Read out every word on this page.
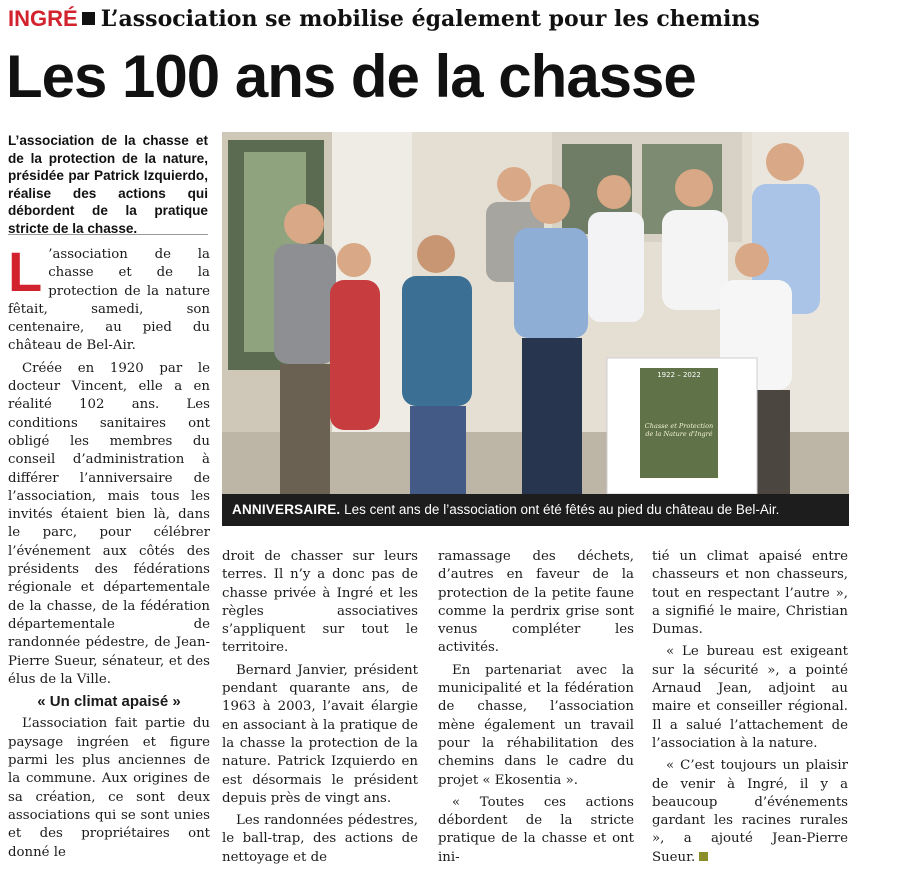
INGRÉ L’association se mobilise également pour les chemins
Les 100 ans de la chasse
L’association de la chasse et de la protection de la nature, présidée par Patrick Izquierdo, réalise des actions qui débordent de la pratique stricte de la chasse.

L ’association de la chasse et de la protection de la nature fêtait, samedi, son centenaire, au pied du château de Bel-Air.

Créée en 1920 par le docteur Vincent, elle a en réalité 102 ans. Les conditions sanitaires ont obligé les membres du conseil d’administration à différer l’anniversaire de l’association, mais tous les invités étaient bien là, dans le parc, pour célébrer l’événement aux côtés des présidents des fédérations régionale et départementale de la chasse, de la fédération départementale de randonnée pédestre, de Jean-Pierre Sueur, sénateur, et des élus de la Ville.

« Un climat apaisé »

L’association fait partie du paysage ingréen et figure parmi les plus anciennes de la commune. Aux origines de sa création, ce sont deux associations qui se sont unies et des propriétaires ont donné le

1922 – 2022
Chasse et Protection de la Nature d'Ingré
ANNIVERSAIRE. Les cent ans de l’association ont été fêtés au pied du château de Bel-Air.

droit de chasser sur leurs terres. Il n’y a donc pas de chasse privée à Ingré et les règles associatives s’appliquent sur tout le territoire.

Bernard Janvier, président pendant quarante ans, de 1963 à 2003, l’avait élargie en associant à la pratique de la chasse la protection de la nature. Patrick Izquierdo en est désormais le président depuis près de vingt ans.

Les randonnées pédestres, le ball-trap, des actions de nettoyage et de

ramassage des déchets, d’autres en faveur de la protection de la petite faune comme la perdrix grise sont venus compléter les activités.

En partenariat avec la municipalité et la fédération de chasse, l’association mène également un travail pour la réhabilitation des chemins dans le cadre du projet « Ekosentia ».

« Toutes ces actions débordent de la stricte pratique de la chasse et ont ini-

tié un climat apaisé entre chasseurs et non chasseurs, tout en respectant l’autre », a signifié le maire, Christian Dumas.

« Le bureau est exigeant sur la sécurité », a pointé Arnaud Jean, adjoint au maire et conseiller régional. Il a salué l’attachement de l’association à la nature.

« C’est toujours un plaisir de venir à Ingré, il y a beaucoup d’événements gardant les racines rurales », a ajouté Jean-Pierre Sueur.
